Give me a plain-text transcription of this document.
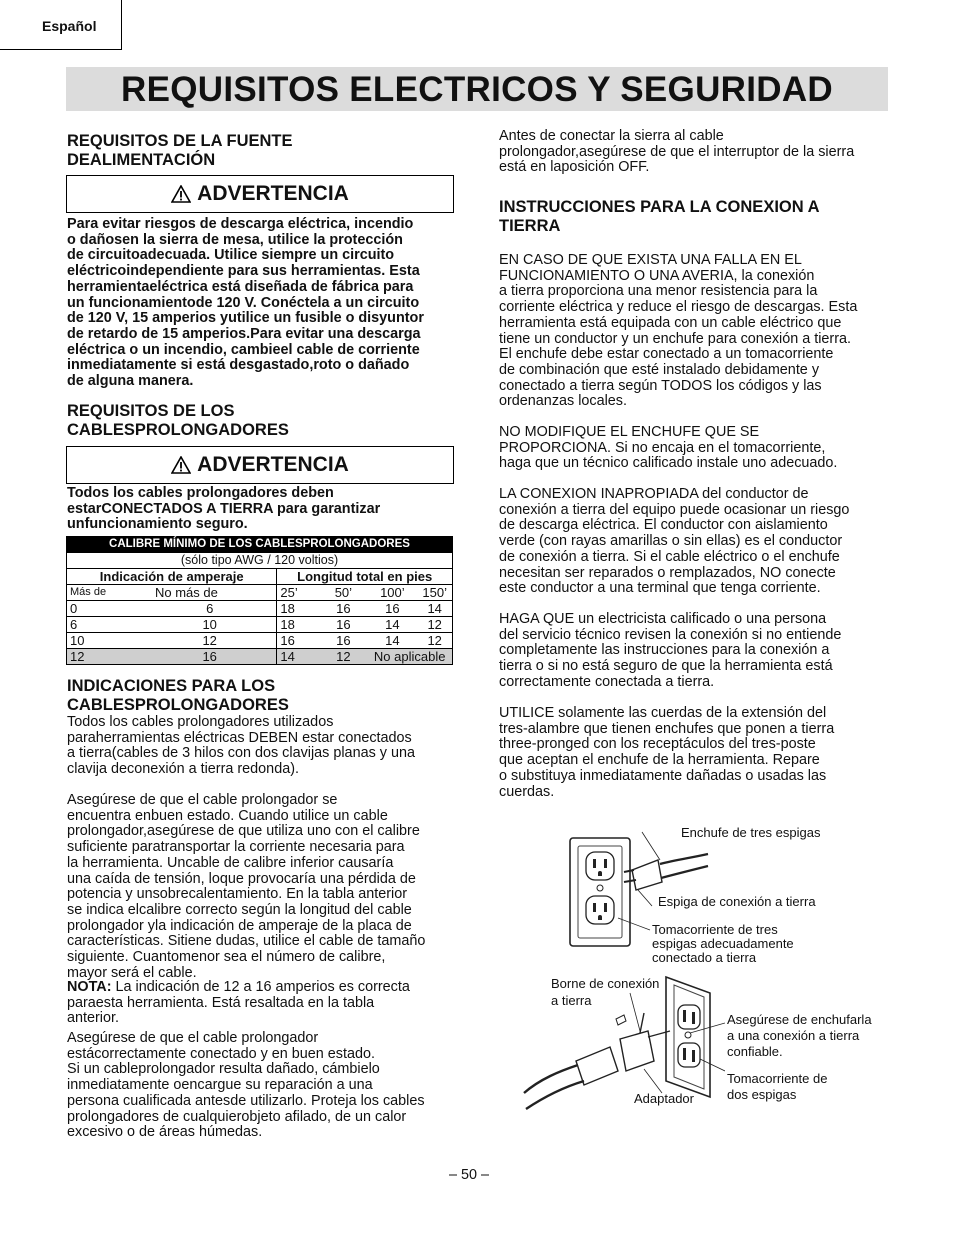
Español
REQUISITOS ELECTRICOS Y SEGURIDAD
REQUISITOS DE LA FUENTE
DEALIMENTACIÓN
ADVERTENCIA
Para evitar riesgos de descarga eléctrica, incendio
o dañosen la sierra de mesa, utilice la protección
de circuitoadecuada. Utilice siempre un circuito
eléctricoindependiente para sus herramientas. Esta
herramientaeléctrica está diseñada de fábrica para
un funcionamientode 120 V. Conéctela a un circuito
de 120 V, 15 amperios yutilice un fusible o disyuntor
de retardo de 15 amperios.Para evitar una descarga
eléctrica o un incendio, cambieel cable de corriente
inmediatamente si está desgastado,roto o dañado
de alguna manera.
REQUISITOS DE LOS
CABLESPROLONGADORES
ADVERTENCIA
Todos los cables prolongadores deben
estarCONECTADOS A TIERRA para garantizar
unfuncionamiento seguro.
CALIBRE MÍNIMO DE LOS CABLESPROLONGADORES					
(sólo tipo AWG / 120 voltios)					
Indicación de amperaje		Longitud total en pies			
Más de	No más de	25’	50’	100’	150’
0	6	18	16	16	14
6	10	18	16	14	12
10	12	16	16	14	12
12	16	14	12	No aplicable	
INDICACIONES PARA LOS
CABLESPROLONGADORES
Todos los cables prolongadores utilizados
paraherramientas eléctricas DEBEN estar conectados
a tierra(cables de 3 hilos con dos clavijas planas y una
clavija deconexión a tierra redonda).
Asegúrese de que el cable prolongador se
encuentra enbuen estado. Cuando utilice un cable
prolongador,asegúrese de que utiliza uno con el calibre
suficiente paratransportar la corriente necesaria para
la herramienta. Uncable de calibre inferior causaría
una caída de tensión, loque provocaría una pérdida de
potencia y unsobrecalentamiento. En la tabla anterior
se indica elcalibre correcto según la longitud del cable
prolongador yla indicación de amperaje de la placa de
características. Sitiene dudas, utilice el cable de tamaño
siguiente. Cuantomenor sea el número de calibre,
mayor será el cable.
NOTA: La indicación de 12 a 16 amperios es correcta
paraesta herramienta. Está resaltada en la tabla
anterior.
Asegúrese de que el cable prolongador
estácorrectamente conectado y en buen estado.
Si un cableprolongador resulta dañado, cámbielo
inmediatamente oencargue su reparación a una
persona cualificada antesde utilizarlo. Proteja los cables
prolongadores de cualquierobjeto afilado, de un calor
excesivo o de áreas húmedas.
Antes de conectar la sierra al cable
prolongador,asegúrese de que el interruptor de la sierra
está en laposición OFF.
INSTRUCCIONES PARA LA CONEXION A
TIERRA
EN CASO DE QUE EXISTA UNA FALLA EN EL
FUNCIONAMIENTO O UNA AVERIA, la conexión
a tierra proporciona una menor resistencia para la
corriente eléctrica y reduce el riesgo de descargas. Esta
herramienta está equipada con un cable eléctrico que
tiene un conductor y un enchufe para conexión a tierra.
El enchufe debe estar conectado a un tomacorriente
de combinación que esté instalado debidamente y
conectado a tierra según TODOS los códigos y las
ordenanzas locales.
NO MODIFIQUE EL ENCHUFE QUE SE
PROPORCIONA. Si no encaja en el tomacorriente,
haga que un técnico calificado instale uno adecuado.
LA CONEXION INAPROPIADA del conductor de
conexión a tierra del equipo puede ocasionar un riesgo
de descarga eléctrica. El conductor con aislamiento
verde (con rayas amarillas o sin ellas) es el conductor
de conexión a tierra. Si el cable eléctrico o el enchufe
necesitan ser reparados o remplazados, NO conecte
este conductor a una terminal que tenga corriente.
HAGA QUE un electricista calificado o una persona
del servicio técnico revisen la conexión si no entiende
completamente las instrucciones para la conexión a
tierra o si no está seguro de que la herramienta está
correctamente conectada a tierra.
UTILICE solamente las cuerdas de la extensión del
tres-alambre que tienen enchufes que ponen a tierra
three-pronged con los receptáculos del tres-poste
que aceptan el enchufe de la herramienta. Repare
o substituya inmediatamente dañadas o usadas las
cuerdas.
Enchufe de tres espigas
Espiga de conexión a tierra
Tomacorriente de tres
espigas adecuadamente
conectado a tierra
Borne de conexión
a tierra
Asegúrese de enchufarla
a una conexión a tierra
confiable.
Tomacorriente de
dos espigas
Adaptador
– 50 –
